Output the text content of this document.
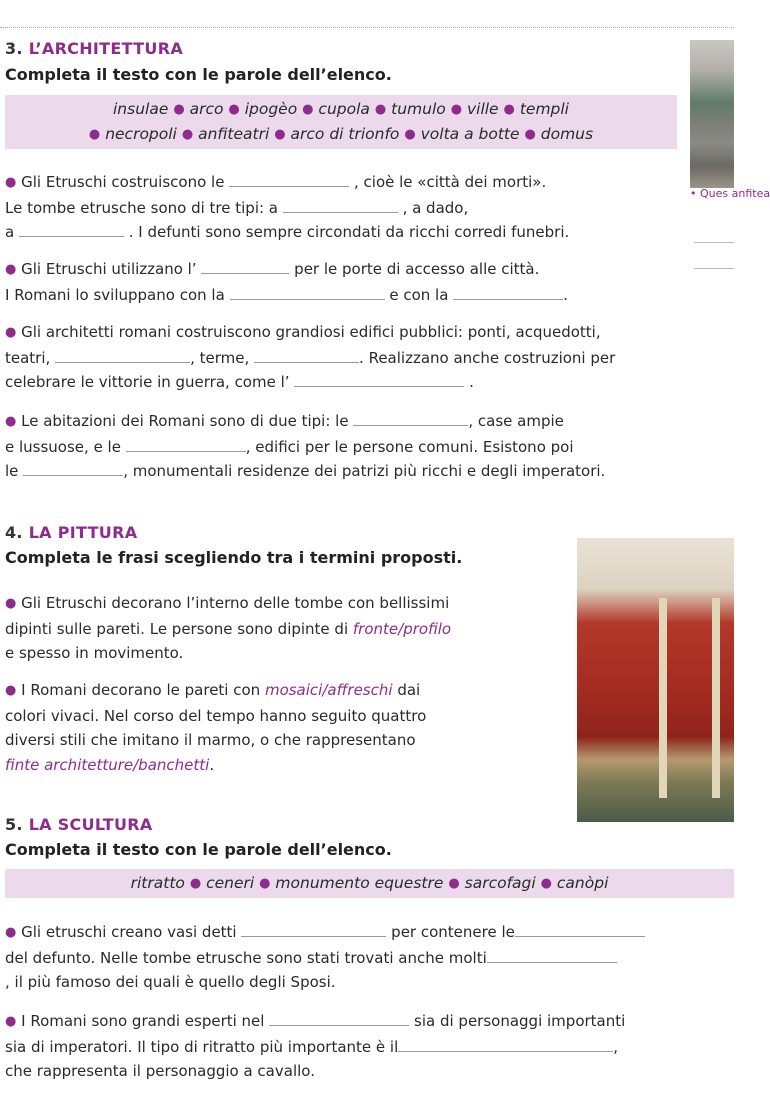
3. L’ARCHITETTURA
Completa il testo con le parole dell’elenco.
insulae ● arco ● ipogèo ● cupola ● tumulo ● ville ● templi
● necropoli ● anfiteatri ● arco di trionfo ● volta a botte ● domus
● Gli Etruschi costruiscono le	, cioè le «città dei morti».
Le tombe etrusche sono di tre tipi: a	, a dado,
a	. I defunti sono sempre circondati da ricchi corredi funebri.
● Gli Etruschi utilizzano l’	per le porte di accesso alle città.
I Romani lo sviluppano con la	e con la	.
● Gli architetti romani costruiscono grandiosi edifici pubblici: ponti, acquedotti,
teatri,	, terme,	. Realizzano anche costruzioni per
celebrare le vittorie in guerra, come l’	.
● Le abitazioni dei Romani sono di due tipi: le	, case ampie
e lussuose, e le	, edifici per le persone comuni. Esistono poi
le	, monumentali residenze dei patrizi più ricchi e degli imperatori.
• Ques anfitea
4. LA PITTURA
Completa le frasi scegliendo tra i termini proposti.
● Gli Etruschi decorano l’interno delle tombe con bellissimi
dipinti sulle pareti. Le persone sono dipinte di fronte/profilo
e spesso in movimento.
● I Romani decorano le pareti con mosaici/affreschi dai
colori vivaci. Nel corso del tempo hanno seguito quattro
diversi stili che imitano il marmo, o che rappresentano
finte architetture/banchetti.
5. LA SCULTURA
Completa il testo con le parole dell’elenco.
ritratto ● ceneri ● monumento equestre ● sarcofagi ● canòpi
● Gli etruschi creano vasi detti	per contenere le
del defunto. Nelle tombe etrusche sono stati trovati anche molti
, il più famoso dei quali è quello degli Sposi.
● I Romani sono grandi esperti nel	sia di personaggi importanti
sia di imperatori. Il tipo di ritratto più importante è il	,
che rappresenta il personaggio a cavallo.
